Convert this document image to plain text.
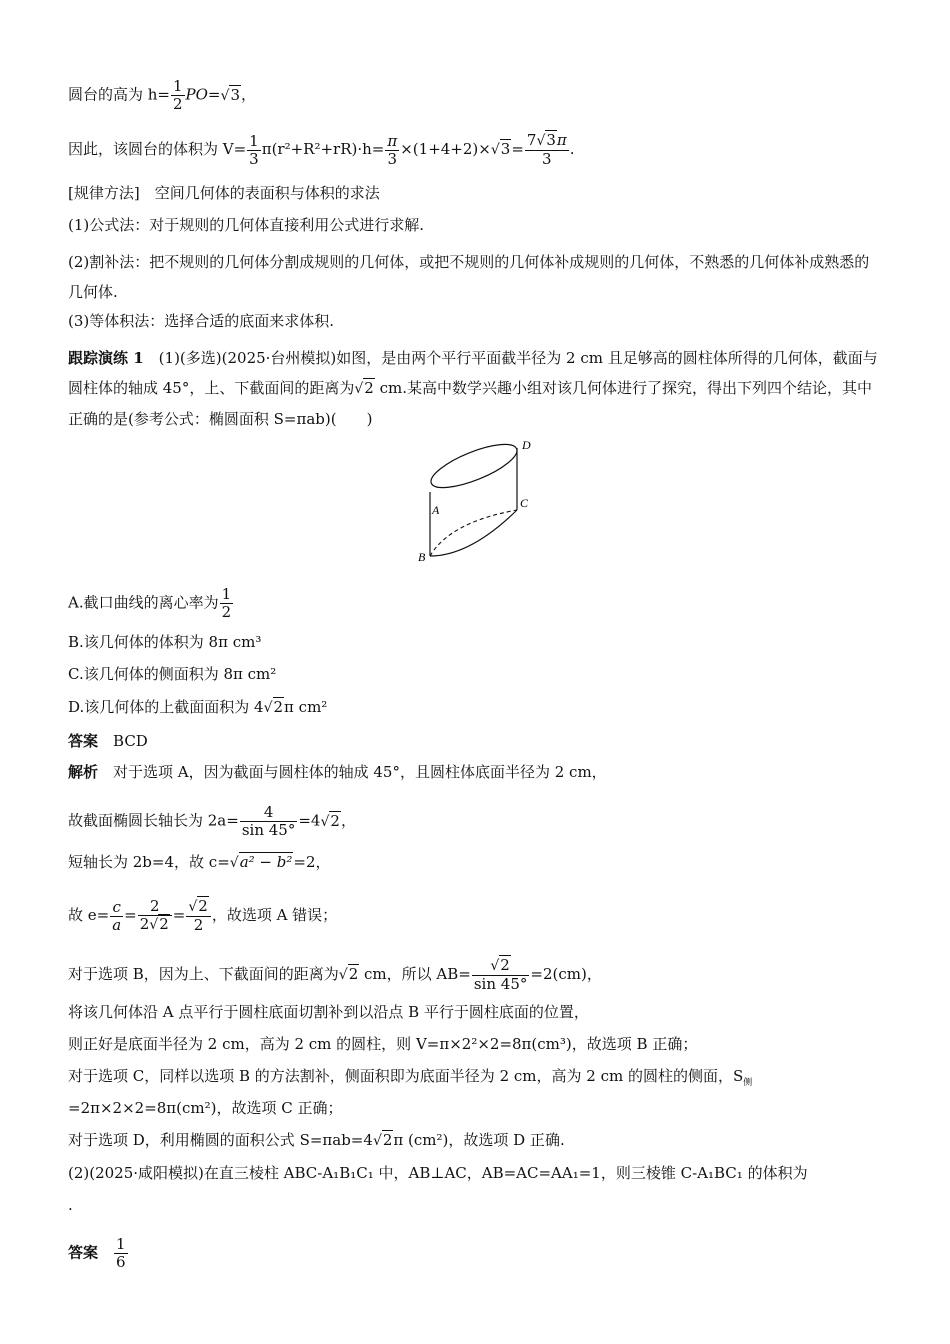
圆台的高为 $h= \frac{1}{2} PO=√3$，
因此，该圆台的体积为 $V= \frac{1}{3} \pi(r^2+R^2+rR)\cdot h= \frac{\pi}{3} \times(1+4+2)\times√3= \frac{7√3\pi}{3}$ .
[规律方法]　空间几何体的表面积与体积的求法
(1)公式法：对于规则的几何体直接利用公式进行求解.
(2)割补法：把不规则的几何体分割成规则的几何体，或把不规则的几何体补成规则的几何体，不熟悉的几何体补成熟悉的几何体.
(3)等体积法：选择合适的底面来求体积.
跟踪演练 1　(1)(多选)(2025·台州模拟)如图，是由两个平行平面截半径为 2 cm 且足够高的圆柱体所得的几何体，截面与圆柱体的轴成 45°，上、下截面间的距离为√2 cm.某高中数学兴趣小组对该几何体进行了探究，得出下列四个结论，其中正确的是(参考公式：椭圆面积 S=πab)(　　)
A
B
C
D
A.截口曲线的离心率为 $\frac{1}{2}$
B.该几何体的体积为 8π cm³
C.该几何体的侧面积为 8π cm²
D.该几何体的上截面面积为 4√2π cm²
答案　 BCD
解析　对于选项 A，因为截面与圆柱体的轴成 45°，且圆柱体底面半径为 2 cm，
故截面椭圆长轴长为 $2a= \frac{4}{\sin 45^\circ} =4√2$，
短轴长为 2b=4，故 c=√a² − b²=2，
故 $e= \frac{c}{a} = \frac{2}{2√2} = \frac{√2}{2}$ ，故选项 A 错误；
对于选项 B，因为上、下截面间的距离为√2 cm，所以 $AB= \frac{√2}{\sin 45^\circ} =2(cm)$，
将该几何体沿 A 点平行于圆柱底面切割补到以沿点 B 平行于圆柱底面的位置，
则正好是底面半径为 2 cm，高为 2 cm 的圆柱，则 V=π×2²×2=8π(cm³)，故选项 B 正确；
对于选项 C，同样以选项 B 的方法割补，侧面积即为底面半径为 2 cm，高为 2 cm 的圆柱的侧面，$S_侧$
=2π×2×2=8π(cm²)，故选项 C 正确；
对于选项 D，利用椭圆的面积公式 S=πab=4√2π (cm²)，故选项 D 正确.
(2)(2025·咸阳模拟)在直三棱柱 ABC-A₁B₁C₁ 中，AB⊥AC，AB=AC=AA₁=1，则三棱锥 C-A₁BC₁ 的体积为
.
答案　 $\frac{1}{6}$
